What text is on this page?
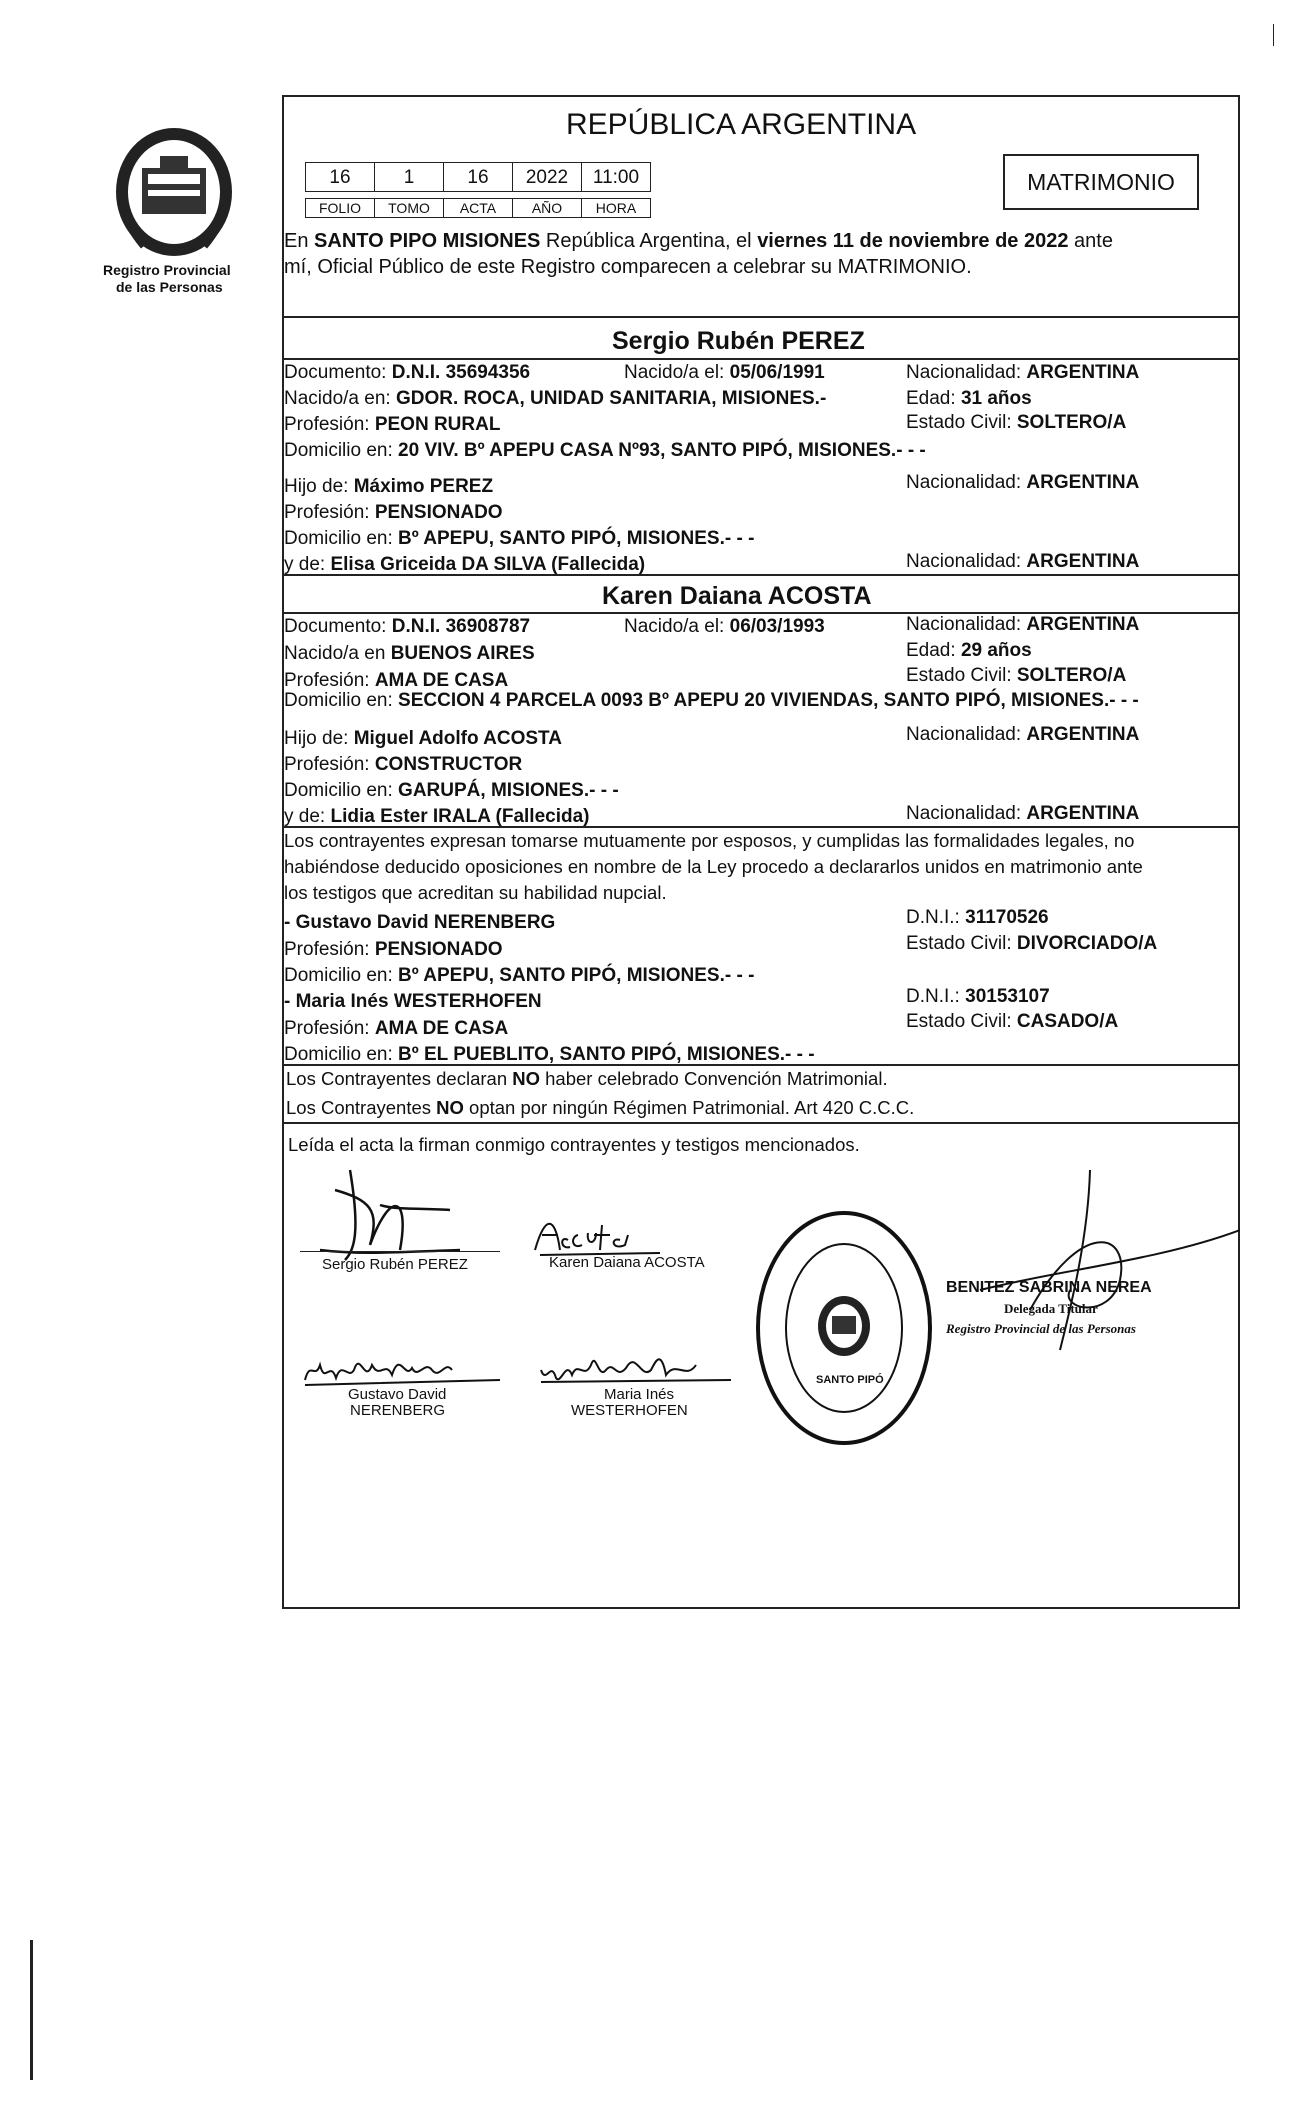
Registro Provincial
de las Personas
REPÚBLICA ARGENTINA
16	1	16	2022	11:00
FOLIO	TOMO	ACTA	AÑO	HORA
MATRIMONIO
En SANTO PIPO MISIONES República Argentina, el viernes 11 de noviembre de 2022 ante
mí, Oficial Público de este Registro comparecen a celebrar su MATRIMONIO.
Sergio Rubén PEREZ
Documento: D.N.I. 35694356	Nacido/a el: 05/06/1991	Nacionalidad: ARGENTINA
Nacido/a en: GDOR. ROCA, UNIDAD SANITARIA, MISIONES.-	Edad: 31 años
Profesión: PEON RURAL	Estado Civil: SOLTERO/A
Domicilio en: 20 VIV. Bº APEPU CASA Nº93, SANTO PIPÓ, MISIONES.- - -
Hijo de: Máximo PEREZ	Nacionalidad: ARGENTINA
Profesión: PENSIONADO
Domicilio en: Bº APEPU, SANTO PIPÓ, MISIONES.- - -
y de: Elisa Griceida DA SILVA (Fallecida)	Nacionalidad: ARGENTINA
Karen Daiana ACOSTA
Documento: D.N.I. 36908787	Nacido/a el: 06/03/1993	Nacionalidad: ARGENTINA
Nacido/a en BUENOS AIRES	Edad: 29 años
Profesión: AMA DE CASA	Estado Civil: SOLTERO/A
Domicilio en: SECCION 4 PARCELA 0093 Bº APEPU 20 VIVIENDAS, SANTO PIPÓ, MISIONES.- - -
Hijo de: Miguel Adolfo ACOSTA	Nacionalidad: ARGENTINA
Profesión: CONSTRUCTOR
Domicilio en: GARUPÁ, MISIONES.- - -
y de: Lidia Ester IRALA (Fallecida)	Nacionalidad: ARGENTINA
Los contrayentes expresan tomarse mutuamente por esposos, y cumplidas las formalidades legales, no
habiéndose deducido oposiciones en nombre de la Ley procedo a declararlos unidos en matrimonio ante
los testigos que acreditan su habilidad nupcial.
- Gustavo David NERENBERG	D.N.I.: 31170526
Profesión: PENSIONADO	Estado Civil: DIVORCIADO/A
Domicilio en: Bº APEPU, SANTO PIPÓ, MISIONES.- - -
- Maria Inés WESTERHOFEN	D.N.I.: 30153107
Profesión: AMA DE CASA	Estado Civil: CASADO/A
Domicilio en: Bº EL PUEBLITO, SANTO PIPÓ, MISIONES.- - -
Los Contrayentes declaran NO haber celebrado Convención Matrimonial.
Los Contrayentes NO optan por ningún Régimen Patrimonial. Art 420 C.C.C.
Leída el acta la firman conmigo contrayentes y testigos mencionados.
Sergio Rubén PEREZ	Karen Daiana ACOSTA
Gustavo David
NERENBERG
Maria Inés
WESTERHOFEN
DELEGACIÓN DEL REGISTRO PROVINCIAL DE LAS PERSONAS
SANTO PIPÓ
BENITEZ SABRINA NEREA
Delegada Titular
Registro Provincial de las Personas
